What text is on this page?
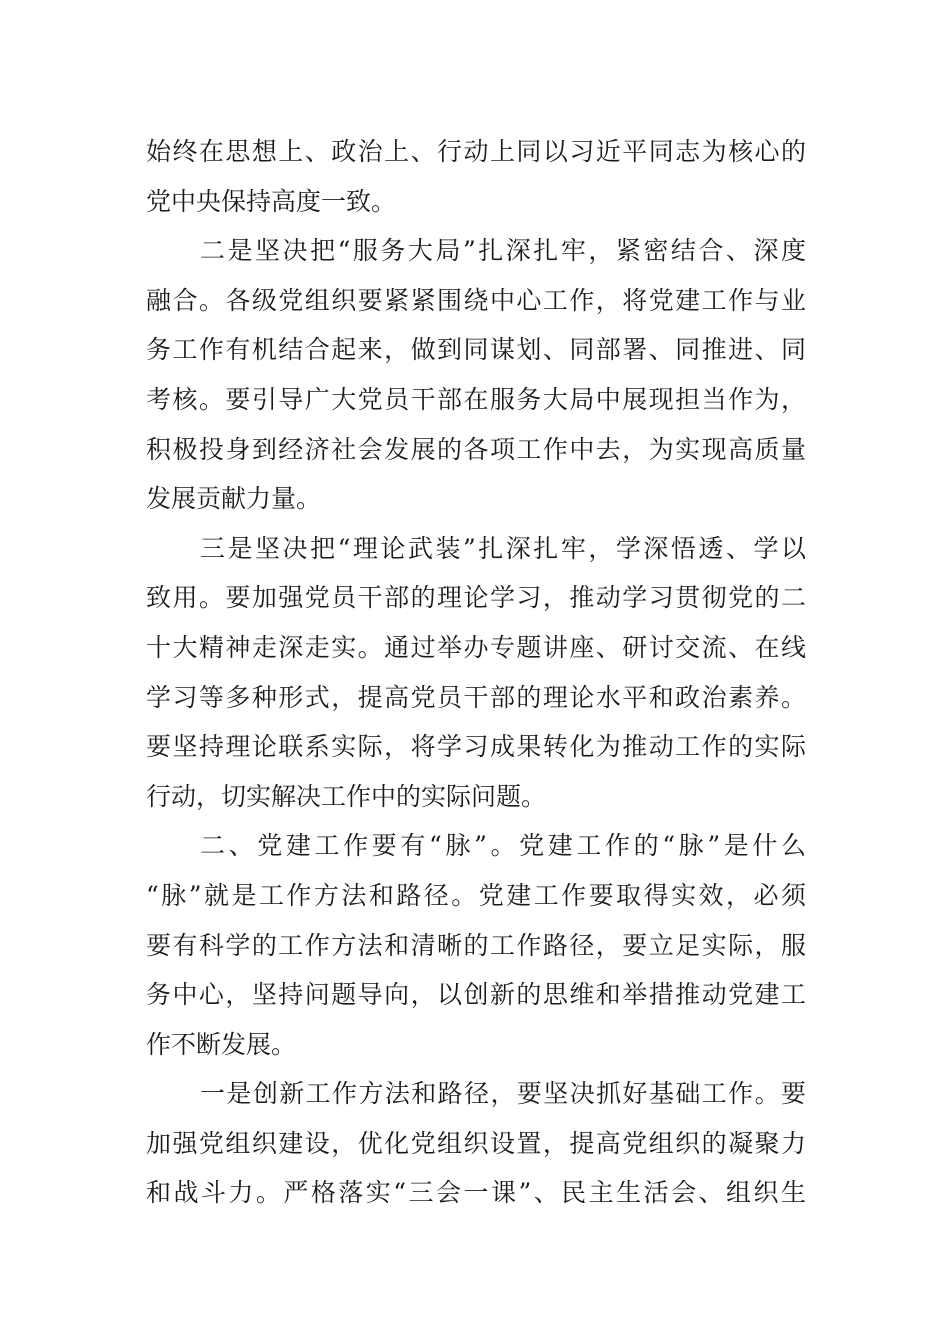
始终在思想上、政治上、行动上同以习近平同志为核心的
党中央保持高度一致。
二是坚决把“服务大局”扎深扎牢，紧密结合、深度
融合。各级党组织要紧紧围绕中心工作，将党建工作与业
务工作有机结合起来，做到同谋划、同部署、同推进、同
考核。要引导广大党员干部在服务大局中展现担当作为，
积极投身到经济社会发展的各项工作中去，为实现高质量
发展贡献力量。
三是坚决把“理论武装”扎深扎牢，学深悟透、学以
致用。要加强党员干部的理论学习，推动学习贯彻党的二
十大精神走深走实。通过举办专题讲座、研讨交流、在线
学习等多种形式，提高党员干部的理论水平和政治素养。
要坚持理论联系实际，将学习成果转化为推动工作的实际
行动，切实解决工作中的实际问题。
二、党建工作要有“脉”。党建工作的“脉”是什么
“脉”就是工作方法和路径。党建工作要取得实效，必须
要有科学的工作方法和清晰的工作路径，要立足实际，服
务中心，坚持问题导向，以创新的思维和举措推动党建工
作不断发展。
一是创新工作方法和路径，要坚决抓好基础工作。要
加强党组织建设，优化党组织设置，提高党组织的凝聚力
和战斗力。严格落实“三会一课”、民主生活会、组织生
